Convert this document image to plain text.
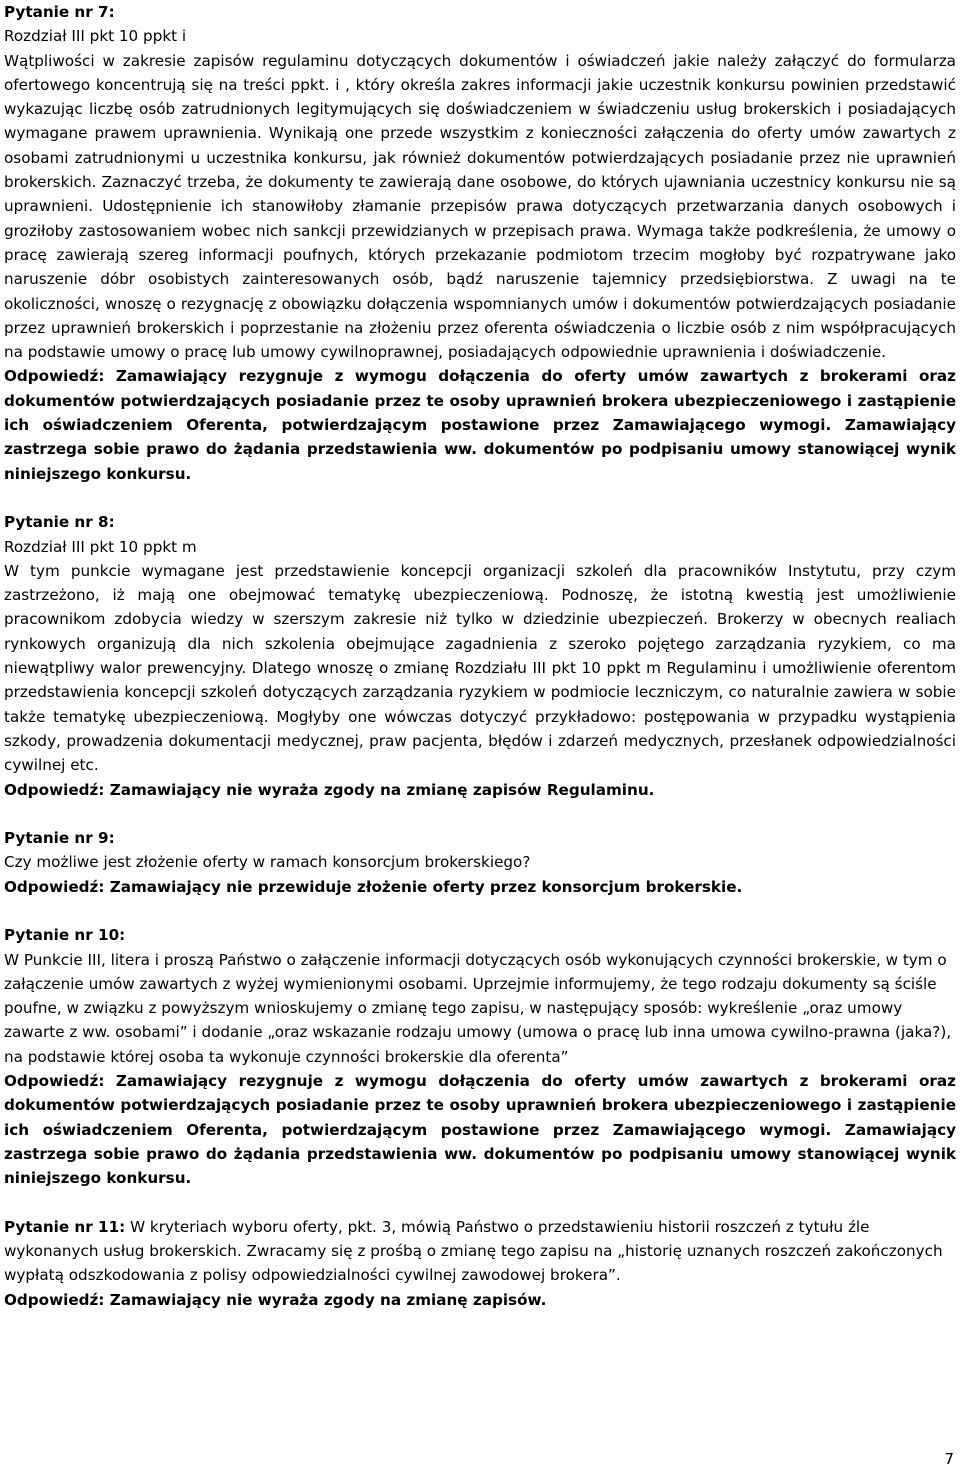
Pytanie nr 7:
Rozdział III pkt 10 ppkt i
Wątpliwości w zakresie zapisów regulaminu dotyczących dokumentów i oświadczeń jakie należy załączyć do formularza ofertowego koncentrują się na treści ppkt. i , który określa zakres informacji jakie uczestnik konkursu powinien przedstawić wykazując liczbę osób zatrudnionych legitymujących się doświadczeniem w świadczeniu usług brokerskich i posiadających wymagane prawem uprawnienia. Wynikają one przede wszystkim z konieczności załączenia do oferty umów zawartych z osobami zatrudnionymi u uczestnika konkursu, jak również dokumentów potwierdzających posiadanie przez nie uprawnień brokerskich. Zaznaczyć trzeba, że dokumenty te zawierają dane osobowe, do których ujawniania uczestnicy konkursu nie są uprawnieni. Udostępnienie ich stanowiłoby złamanie przepisów prawa dotyczących przetwarzania danych osobowych i groziłoby zastosowaniem wobec nich sankcji przewidzianych w przepisach prawa. Wymaga także podkreślenia, że umowy o pracę zawierają szereg informacji poufnych, których przekazanie podmiotom trzecim mogłoby być rozpatrywane jako naruszenie dóbr osobistych zainteresowanych osób, bądź naruszenie tajemnicy przedsiębiorstwa. Z uwagi na te okoliczności, wnoszę o rezygnację z obowiązku dołączenia wspomnianych umów i dokumentów potwierdzających posiadanie przez uprawnień brokerskich i poprzestanie na złożeniu przez oferenta oświadczenia o liczbie osób z nim współpracujących na podstawie umowy o pracę lub umowy cywilnoprawnej, posiadających odpowiednie uprawnienia i doświadczenie.
Odpowiedź: Zamawiający rezygnuje z wymogu dołączenia do oferty umów zawartych z brokerami oraz dokumentów potwierdzających posiadanie przez te osoby uprawnień brokera ubezpieczeniowego i zastąpienie ich oświadczeniem Oferenta, potwierdzającym postawione przez Zamawiającego wymogi. Zamawiający zastrzega sobie prawo do żądania przedstawienia ww. dokumentów po podpisaniu umowy stanowiącej wynik niniejszego konkursu.
Pytanie nr 8:
Rozdział III pkt 10 ppkt m
W tym punkcie wymagane jest przedstawienie koncepcji organizacji szkoleń dla pracowników Instytutu, przy czym zastrzeżono, iż mają one obejmować tematykę ubezpieczeniową. Podnoszę, że istotną kwestią jest umożliwienie pracownikom zdobycia wiedzy w szerszym zakresie niż tylko w dziedzinie ubezpieczeń. Brokerzy w obecnych realiach rynkowych organizują dla nich szkolenia obejmujące zagadnienia z szeroko pojętego zarządzania ryzykiem, co ma niewątpliwy walor prewencyjny. Dlatego wnoszę o zmianę Rozdziału III pkt 10 ppkt m Regulaminu i umożliwienie oferentom przedstawienia koncepcji szkoleń dotyczących zarządzania ryzykiem w podmiocie leczniczym, co naturalnie zawiera w sobie także tematykę ubezpieczeniową. Mogłyby one wówczas dotyczyć przykładowo: postępowania w przypadku wystąpienia szkody, prowadzenia dokumentacji medycznej, praw pacjenta, błędów i zdarzeń medycznych, przesłanek odpowiedzialności cywilnej etc.
Odpowiedź: Zamawiający nie wyraża zgody na zmianę zapisów Regulaminu.
Pytanie nr 9:
Czy możliwe jest złożenie oferty w ramach konsorcjum brokerskiego?
Odpowiedź: Zamawiający nie przewiduje złożenie oferty przez konsorcjum brokerskie.
Pytanie nr 10:
W Punkcie III, litera i proszą Państwo o załączenie informacji dotyczących osób wykonujących czynności brokerskie, w tym o załączenie umów zawartych z wyżej wymienionymi osobami. Uprzejmie informujemy, że tego rodzaju dokumenty są ściśle poufne, w związku z powyższym wnioskujemy o zmianę tego zapisu, w następujący sposób: wykreślenie „oraz umowy zawarte z ww. osobami” i dodanie „oraz wskazanie rodzaju umowy (umowa o pracę lub inna umowa cywilno-prawna (jaka?), na podstawie której osoba ta wykonuje czynności brokerskie dla oferenta”
Odpowiedź: Zamawiający rezygnuje z wymogu dołączenia do oferty umów zawartych z brokerami oraz dokumentów potwierdzających posiadanie przez te osoby uprawnień brokera ubezpieczeniowego i zastąpienie ich oświadczeniem Oferenta, potwierdzającym postawione przez Zamawiającego wymogi. Zamawiający zastrzega sobie prawo do żądania przedstawienia ww. dokumentów po podpisaniu umowy stanowiącej wynik niniejszego konkursu.
Pytanie nr 11: W kryteriach wyboru oferty, pkt. 3, mówią Państwo o przedstawieniu historii roszczeń z tytułu źle wykonanych usług brokerskich. Zwracamy się z prośbą o zmianę tego zapisu na „historię uznanych roszczeń zakończonych wypłatą odszkodowania z polisy odpowiedzialności cywilnej zawodowej brokera”.
Odpowiedź: Zamawiający nie wyraża zgody na zmianę zapisów.
7
